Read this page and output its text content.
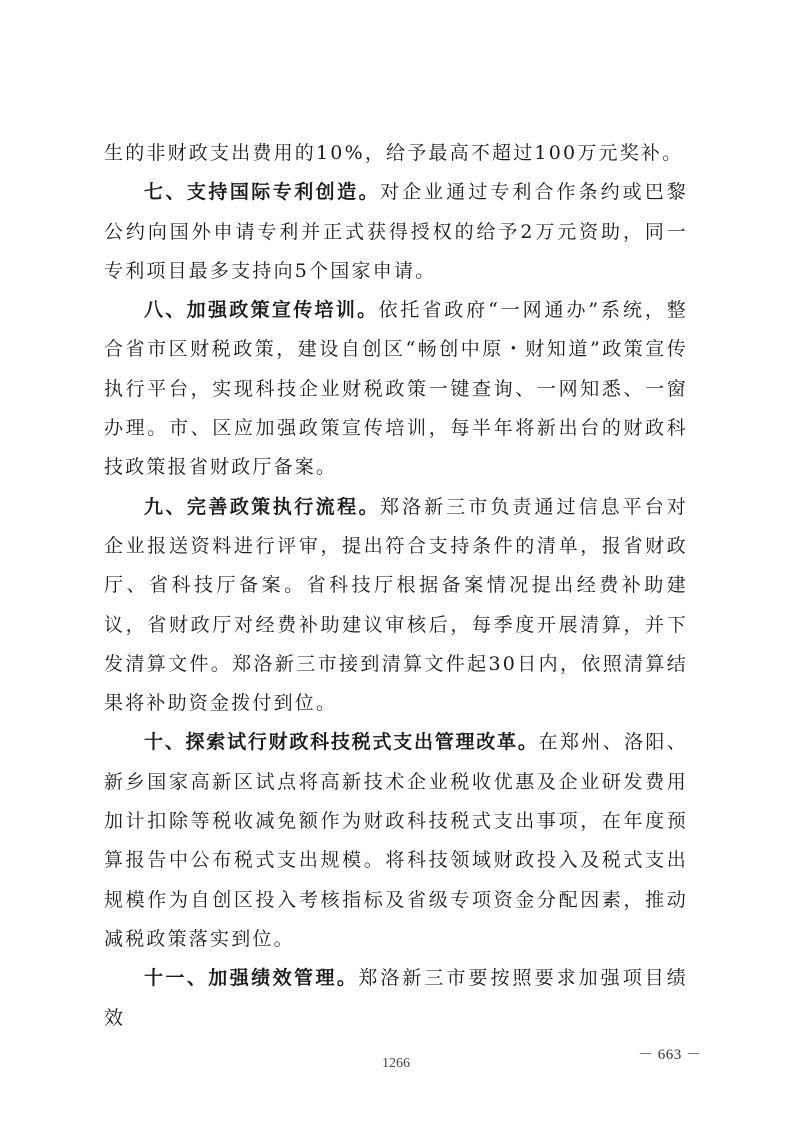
生的非财政支出费用的10%，给予最高不超过100万元奖补。

七、支持国际专利创造。对企业通过专利合作条约或巴黎公约向国外申请专利并正式获得授权的给予2万元资助，同一专利项目最多支持向5个国家申请。

八、加强政策宣传培训。依托省政府“一网通办”系统，整合省市区财税政策，建设自创区“畅创中原・财知道”政策宣传执行平台，实现科技企业财税政策一键查询、一网知悉、一窗办理。市、区应加强政策宣传培训，每半年将新出台的财政科技政策报省财政厅备案。

九、完善政策执行流程。郑洛新三市负责通过信息平台对企业报送资料进行评审，提出符合支持条件的清单，报省财政厅、省科技厅备案。省科技厅根据备案情况提出经费补助建议，省财政厅对经费补助建议审核后，每季度开展清算，并下发清算文件。郑洛新三市接到清算文件起30日内，依照清算结果将补助资金拨付到位。

十、探索试行财政科技税式支出管理改革。在郑州、洛阳、新乡国家高新区试点将高新技术企业税收优惠及企业研发费用加计扣除等税收减免额作为财政科技税式支出事项，在年度预算报告中公布税式支出规模。将科技领域财政投入及税式支出规模作为自创区投入考核指标及省级专项资金分配因素，推动减税政策落实到位。

十一、加强绩效管理。郑洛新三市要按照要求加强项目绩效

－ 663 －
1266
